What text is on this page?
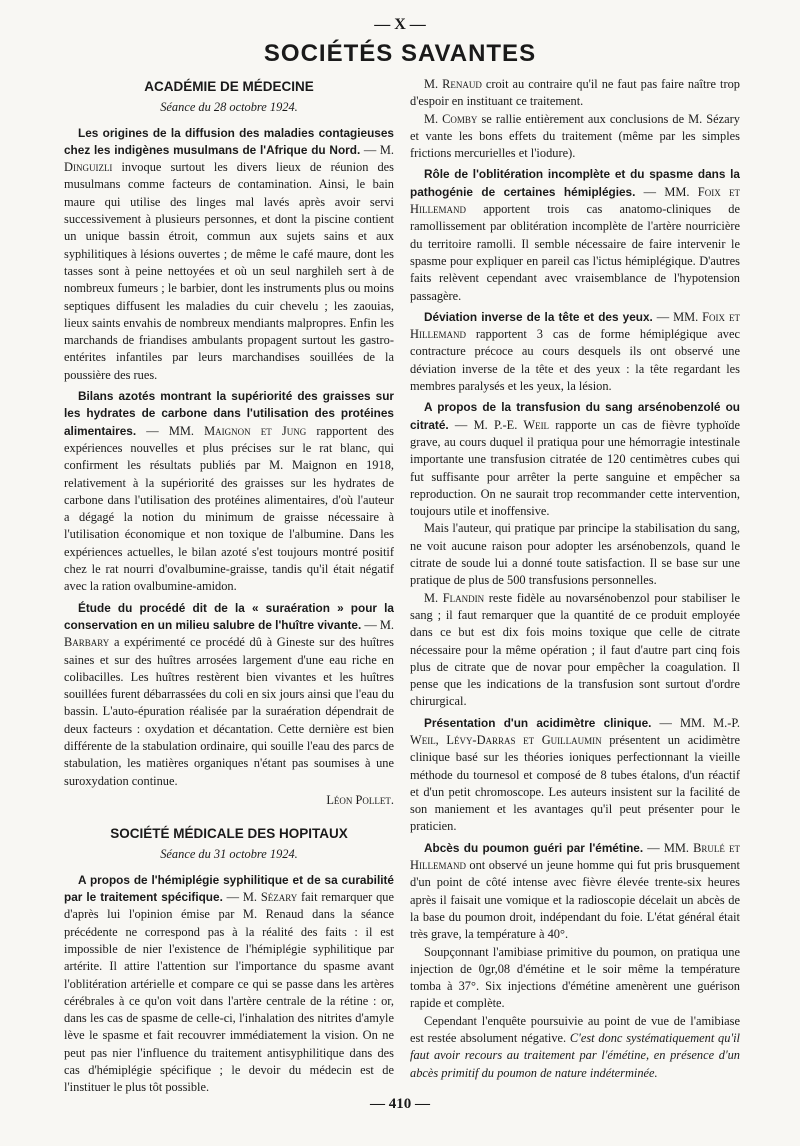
— X —
SOCIÉTÉS SAVANTES
ACADÉMIE DE MÉDECINE
Séance du 28 octobre 1924.

Les origines de la diffusion des maladies contagieuses chez les indigènes musulmans de l'Afrique du Nord. — M. Dinguizli invoque surtout les divers lieux de réunion des musulmans comme facteurs de contamination. Ainsi, le bain maure qui utilise des linges mal lavés après avoir servi successivement à plusieurs personnes, et dont la piscine contient un unique bassin étroit, commun aux sujets sains et aux syphilitiques à lésions ouvertes ; de même le café maure, dont les tasses sont à peine nettoyées et où un seul narghileh sert à de nombreux fumeurs ; le barbier, dont les instruments plus ou moins septiques diffusent les maladies du cuir chevelu ; les zaouias, lieux saints envahis de nombreux mendiants malpropres. Enfin les marchands de friandises ambulants propagent surtout les gastro-entérites infantiles par leurs marchandises souillées de la poussière des rues.

Bilans azotés montrant la supériorité des graisses sur les hydrates de carbone dans l'utilisation des protéines alimentaires. — MM. Maignon et Jung rapportent des expériences nouvelles et plus précises sur le rat blanc, qui confirment les résultats publiés par M. Maignon en 1918, relativement à la supériorité des graisses sur les hydrates de carbone dans l'utilisation des protéines alimentaires, d'où l'auteur a dégagé la notion du minimum de graisse nécessaire à l'utilisation économique et non toxique de l'albumine. Dans les expériences actuelles, le bilan azoté s'est toujours montré positif chez le rat nourri d'ovalbumine-graisse, tandis qu'il était négatif avec la ration ovalbumine-amidon.

Étude du procédé dit de la « suraération » pour la conservation en un milieu salubre de l'huître vivante. — M. Barbary a expérimenté ce procédé dû à Gineste sur des huîtres saines et sur des huîtres arrosées largement d'une eau riche en colibacilles. Les huîtres restèrent bien vivantes et les huîtres souillées furent débarrassées du coli en six jours ainsi que l'eau du bassin. L'auto-épuration réalisée par la suraération dépendrait de deux facteurs : oxydation et décantation. Cette dernière est bien différente de la stabulation ordinaire, qui souille l'eau des parcs de stabulation, les matières organiques n'étant pas soumises à une suroxydation continue.

Léon Pollet.
SOCIÉTÉ MÉDICALE DES HOPITAUX
Séance du 31 octobre 1924.

A propos de l'hémiplégie syphilitique et de sa curabilité par le traitement spécifique. — M. Sézary fait remarquer que d'après lui l'opinion émise par M. Renaud dans la séance précédente ne correspond pas à la réalité des faits : il est impossible de nier l'existence de l'hémiplégie syphilitique par artérite. Il attire l'attention sur l'importance du spasme avant l'oblitération artérielle et compare ce qui se passe dans les artères cérébrales à ce qu'on voit dans l'artère centrale de la rétine : or, dans les cas de spasme de celle-ci, l'inhalation des nitrites d'amyle lève le spasme et fait recouvrer immédiatement la vision. On ne peut pas nier l'influence du traitement antisyphilitique dans des cas d'hémiplégie spécifique ; le devoir du médecin est de l'instituer le plus tôt possible.

M. Renaud croit au contraire qu'il ne faut pas faire naître trop d'espoir en instituant ce traitement.

M. Comby se rallie entièrement aux conclusions de M. Sézary et vante les bons effets du traitement (même par les simples frictions mercurielles et l'iodure).

Rôle de l'oblitération incomplète et du spasme dans la pathogénie de certaines hémiplégies. — MM. Foix et Hillemand apportent trois cas anatomo-cliniques de ramollissement par oblitération incomplète de l'artère nourricière du territoire ramolli. Il semble nécessaire de faire intervenir le spasme pour expliquer en pareil cas l'ictus hémiplégique. D'autres faits relèvent cependant avec vraisemblance de l'hypotension passagère.

Déviation inverse de la tête et des yeux. — MM. Foix et Hillemand rapportent 3 cas de forme hémiplégique avec contracture précoce au cours desquels ils ont observé une déviation inverse de la tête et des yeux : la tête regardant les membres paralysés et les yeux, la lésion.

A propos de la transfusion du sang arsénobenzolé ou citraté. — M. P.-E. Weil rapporte un cas de fièvre typhoïde grave, au cours duquel il pratiqua pour une hémorragie intestinale importante une transfusion citratée de 120 centimètres cubes qui fut suffisante pour arrêter la perte sanguine et empêcher sa reproduction. On ne saurait trop recommander cette intervention, toujours utile et inoffensive.

Mais l'auteur, qui pratique par principe la stabilisation du sang, ne voit aucune raison pour adopter les arsénobenzols, quand le citrate de soude lui a donné toute satisfaction. Il se base sur une pratique de plus de 500 transfusions personnelles.

M. Flandin reste fidèle au novarsénobenzol pour stabiliser le sang ; il faut remarquer que la quantité de ce produit employée dans ce but est dix fois moins toxique que celle de citrate nécessaire pour la même opération ; il faut d'autre part cinq fois plus de citrate que de novar pour empêcher la coagulation. Il pense que les indications de la transfusion sont surtout d'ordre chirurgical.

Présentation d'un acidimètre clinique. — MM. M.-P. Weil, Lévy-Darras et Guillaumin présentent un acidimètre clinique basé sur les théories ioniques perfectionnant la vieille méthode du tournesol et composé de 8 tubes étalons, d'un réactif et d'un petit chromoscope. Les auteurs insistent sur la facilité de son maniement et les avantages qu'il peut présenter pour le praticien.

Abcès du poumon guéri par l'émétine. — MM. Brulé et Hillemand ont observé un jeune homme qui fut pris brusquement d'un point de côté intense avec fièvre élevée trente-six heures après il faisait une vomique et la radioscopie décelait un abcès de la base du poumon droit, indépendant du foie. L'état général était très grave, la température à 40°.

Soupçonnant l'amibiase primitive du poumon, on pratiqua une injection de 0gr,08 d'émétine et le soir même la température tomba à 37°. Six injections d'émétine amenèrent une guérison rapide et complète.

Cependant l'enquête poursuivie au point de vue de l'amibiase est restée absolument négative. C'est donc systématiquement qu'il faut avoir recours au traitement par l'émétine, en présence d'un abcès primitif du poumon de nature indéterminée.

— 410 —
